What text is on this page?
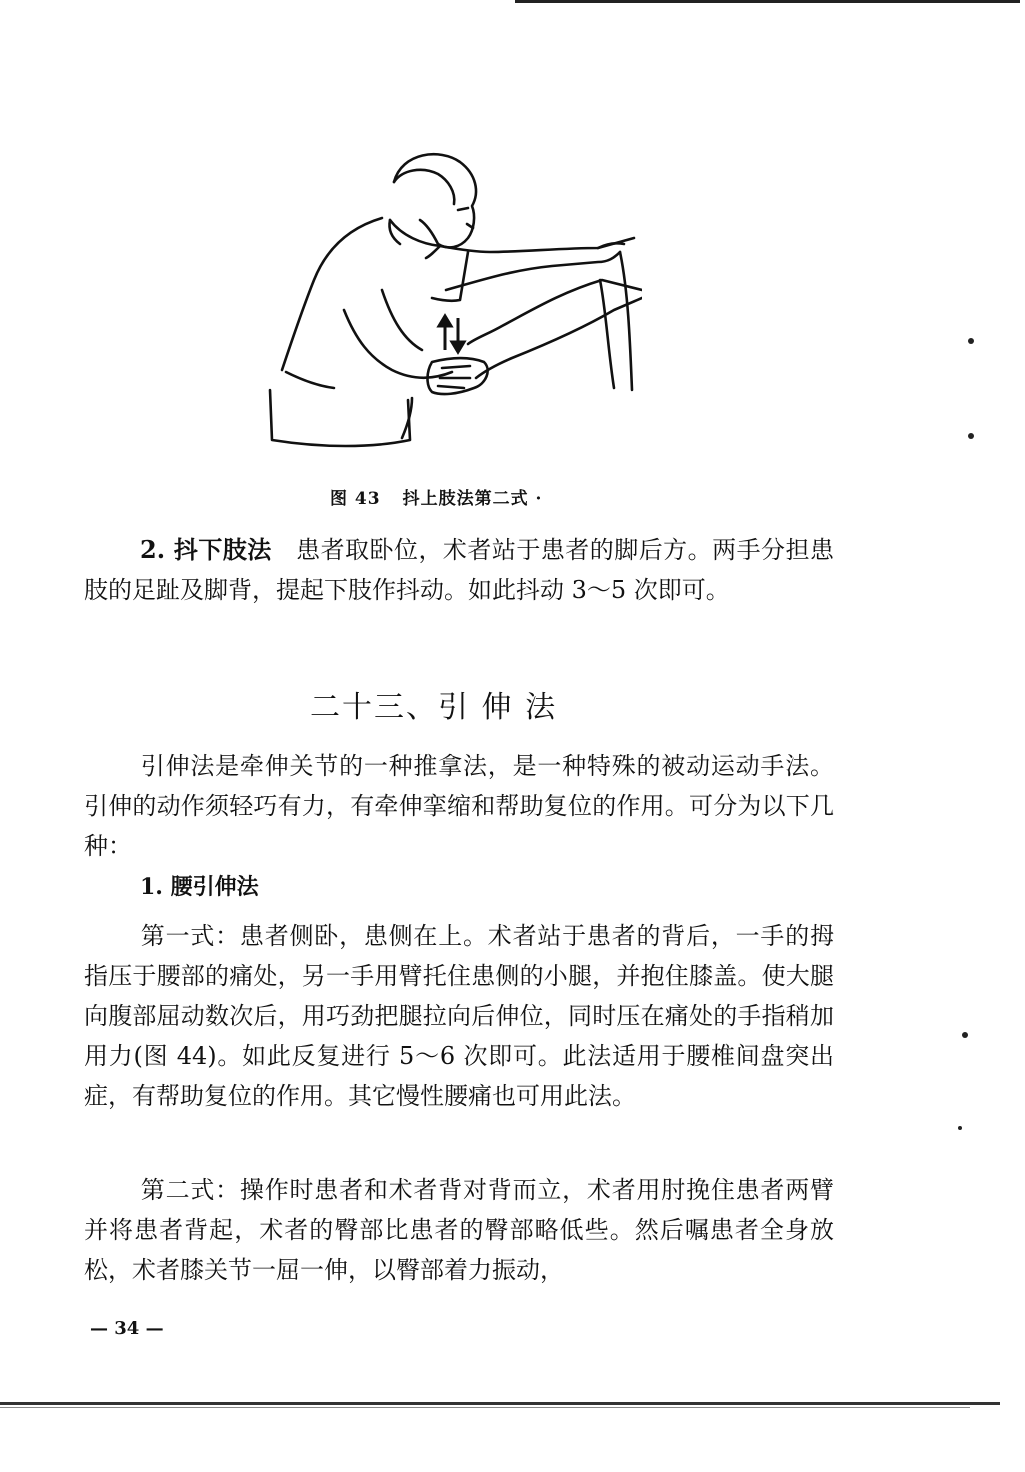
图 43 抖上肢法第二式 ·
2. 抖下肢法 患者取卧位，术者站于患者的脚后方。两手分担患肢的足趾及脚背，提起下肢作抖动。如此抖动 3～5 次即可。
二十三、引 伸 法
引伸法是牵伸关节的一种推拿法，是一种特殊的被动运动手法。引伸的动作须轻巧有力，有牵伸挛缩和帮助复位的作用。可分为以下几种：
1. 腰引伸法
第一式：患者侧卧，患侧在上。术者站于患者的背后，一手的拇指压于腰部的痛处，另一手用臂托住患侧的小腿，并抱住膝盖。使大腿向腹部屈动数次后，用巧劲把腿拉向后伸位，同时压在痛处的手指稍加用力(图 44)。如此反复进行 5～6 次即可。此法适用于腰椎间盘突出症，有帮助复位的作用。其它慢性腰痛也可用此法。
第二式：操作时患者和术者背对背而立，术者用肘挽住患者两臂并将患者背起，术者的臀部比患者的臀部略低些。然后嘱患者全身放松，术者膝关节一屈一伸，以臀部着力振动，
— 34 —
